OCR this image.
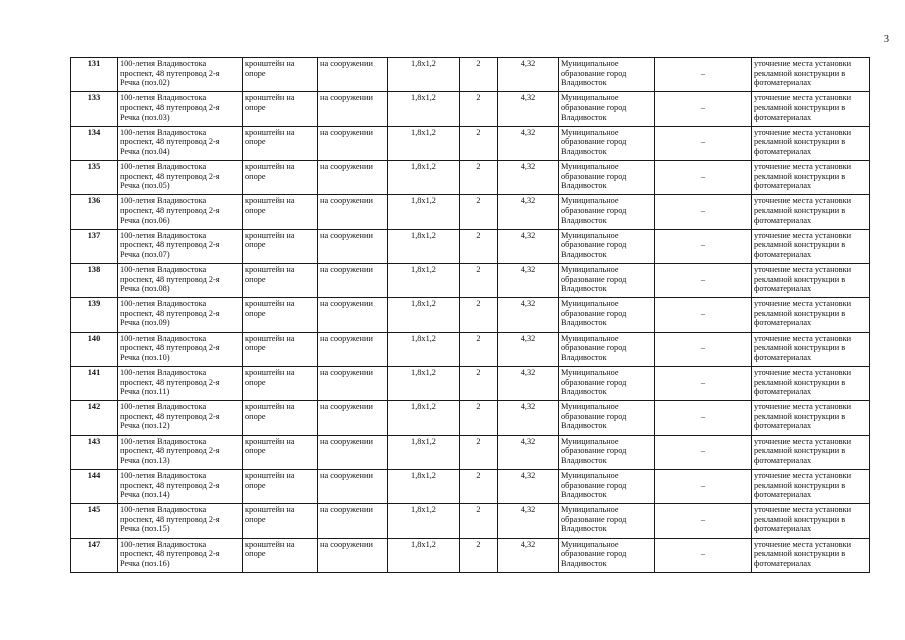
3
131	100-летия Владивостока
проспект, 48 путепровод 2-я
Речка (поз.02)	кронштейн на
опоре	на сооружении	1,8x1,2	2	4,32	Муниципальное
образование город
Владивосток	–	уточнение места установки
рекламной конструкции в
фотоматериалах
133	100-летия Владивостока
проспект, 48 путепровод 2-я
Речка (поз.03)	кронштейн на
опоре	на сооружении	1,8x1,2	2	4,32	Муниципальное
образование город
Владивосток	–	уточнение места установки
рекламной конструкции в
фотоматериалах
134	100-летия Владивостока
проспект, 48 путепровод 2-я
Речка (поз.04)	кронштейн на
опоре	на сооружении	1,8x1,2	2	4,32	Муниципальное
образование город
Владивосток	–	уточнение места установки
рекламной конструкции в
фотоматериалах
135	100-летия Владивостока
проспект, 48 путепровод 2-я
Речка (поз.05)	кронштейн на
опоре	на сооружении	1,8x1,2	2	4,32	Муниципальное
образование город
Владивосток	–	уточнение места установки
рекламной конструкции в
фотоматериалах
136	100-летия Владивостока
проспект, 48 путепровод 2-я
Речка (поз.06)	кронштейн на
опоре	на сооружении	1,8x1,2	2	4,32	Муниципальное
образование город
Владивосток	–	уточнение места установки
рекламной конструкции в
фотоматериалах
137	100-летия Владивостока
проспект, 48 путепровод 2-я
Речка (поз.07)	кронштейн на
опоре	на сооружении	1,8x1,2	2	4,32	Муниципальное
образование город
Владивосток	–	уточнение места установки
рекламной конструкции в
фотоматериалах
138	100-летия Владивостока
проспект, 48 путепровод 2-я
Речка (поз.08)	кронштейн на
опоре	на сооружении	1,8x1,2	2	4,32	Муниципальное
образование город
Владивосток	–	уточнение места установки
рекламной конструкции в
фотоматериалах
139	100-летия Владивостока
проспект, 48 путепровод 2-я
Речка (поз.09)	кронштейн на
опоре	на сооружении	1,8x1,2	2	4,32	Муниципальное
образование город
Владивосток	–	уточнение места установки
рекламной конструкции в
фотоматериалах
140	100-летия Владивостока
проспект, 48 путепровод 2-я
Речка (поз.10)	кронштейн на
опоре	на сооружении	1,8x1,2	2	4,32	Муниципальное
образование город
Владивосток	–	уточнение места установки
рекламной конструкции в
фотоматериалах
141	100-летия Владивостока
проспект, 48 путепровод 2-я
Речка (поз.11)	кронштейн на
опоре	на сооружении	1,8x1,2	2	4,32	Муниципальное
образование город
Владивосток	–	уточнение места установки
рекламной конструкции в
фотоматериалах
142	100-летия Владивостока
проспект, 48 путепровод 2-я
Речка (поз.12)	кронштейн на
опоре	на сооружении	1,8x1,2	2	4,32	Муниципальное
образование город
Владивосток	–	уточнение места установки
рекламной конструкции в
фотоматериалах
143	100-летия Владивостока
проспект, 48 путепровод 2-я
Речка (поз.13)	кронштейн на
опоре	на сооружении	1,8x1,2	2	4,32	Муниципальное
образование город
Владивосток	–	уточнение места установки
рекламной конструкции в
фотоматериалах
144	100-летия Владивостока
проспект, 48 путепровод 2-я
Речка (поз.14)	кронштейн на
опоре	на сооружении	1,8x1,2	2	4,32	Муниципальное
образование город
Владивосток	–	уточнение места установки
рекламной конструкции в
фотоматериалах
145	100-летия Владивостока
проспект, 48 путепровод 2-я
Речка (поз.15)	кронштейн на
опоре	на сооружении	1,8x1,2	2	4,32	Муниципальное
образование город
Владивосток	–	уточнение места установки
рекламной конструкции в
фотоматериалах
147	100-летия Владивостока
проспект, 48 путепровод 2-я
Речка (поз.16)	кронштейн на
опоре	на сооружении	1,8x1,2	2	4,32	Муниципальное
образование город
Владивосток	–	уточнение места установки
рекламной конструкции в
фотоматериалах
